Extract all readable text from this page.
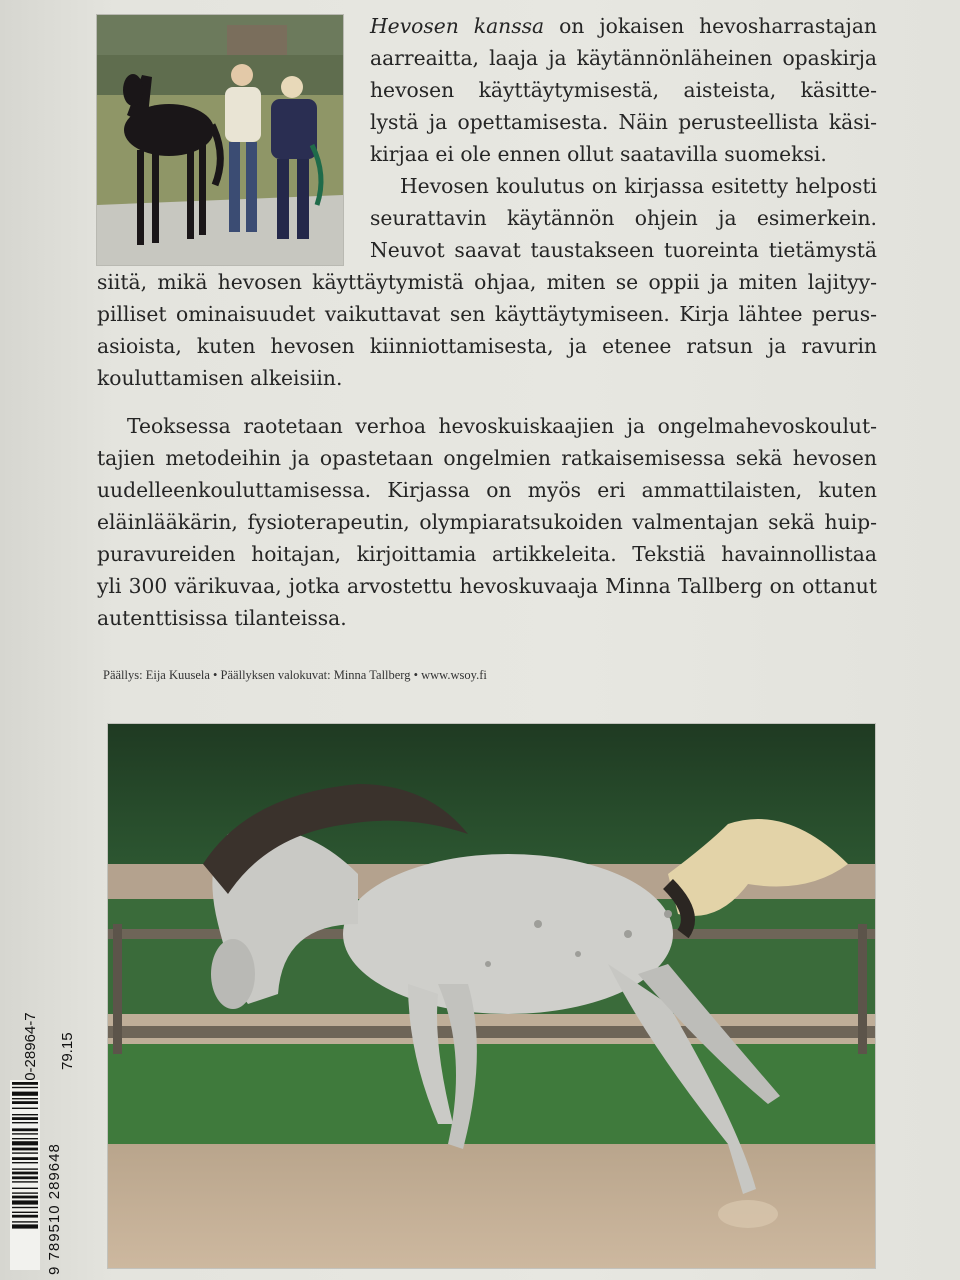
Hevosen kanssa on jokaisen hevosharrastajan
aarreaitta, laaja ja käytännönläheinen opaskirja
hevosen käyttäytymisestä, aisteista, käsitte-
lystä ja opettamisesta. Näin perusteellista käsi-
kirjaa ei ole ennen ollut saatavilla suomeksi.
Hevosen koulutus on kirjassa esitetty helposti
seurattavin käytännön ohjein ja esimerkein.
Neuvot saavat taustakseen tuoreinta tietämystä
siitä, mikä hevosen käyttäytymistä ohjaa, miten se oppii ja miten lajityy-
pilliset ominaisuudet vaikuttavat sen käyttäytymiseen. Kirja lähtee perus-
asioista, kuten hevosen kiinniottamisesta, ja etenee ratsun ja ravurin
kouluttamisen alkeisiin.
Teoksessa raotetaan verhoa hevoskuiskaajien ja ongelmahevoskoulut-
tajien metodeihin ja opastetaan ongelmien ratkaisemisessa sekä hevosen
uudelleenkouluttamisessa. Kirjassa on myös eri ammattilaisten, kuten
eläinlääkärin, fysioterapeutin, olympiaratsukoiden valmentajan sekä huip-
puravureiden hoitajan, kirjoittamia artikkeleita. Tekstiä havainnollistaa
yli 300 värikuvaa, jotka arvostettu hevoskuvaaja Minna Tallberg on ottanut
autenttisissa tilanteissa.
Päällys: Eija Kuusela • Päällyksen valokuvat: Minna Tallberg • www.wsoy.fi
79.15
9 789510 289648
